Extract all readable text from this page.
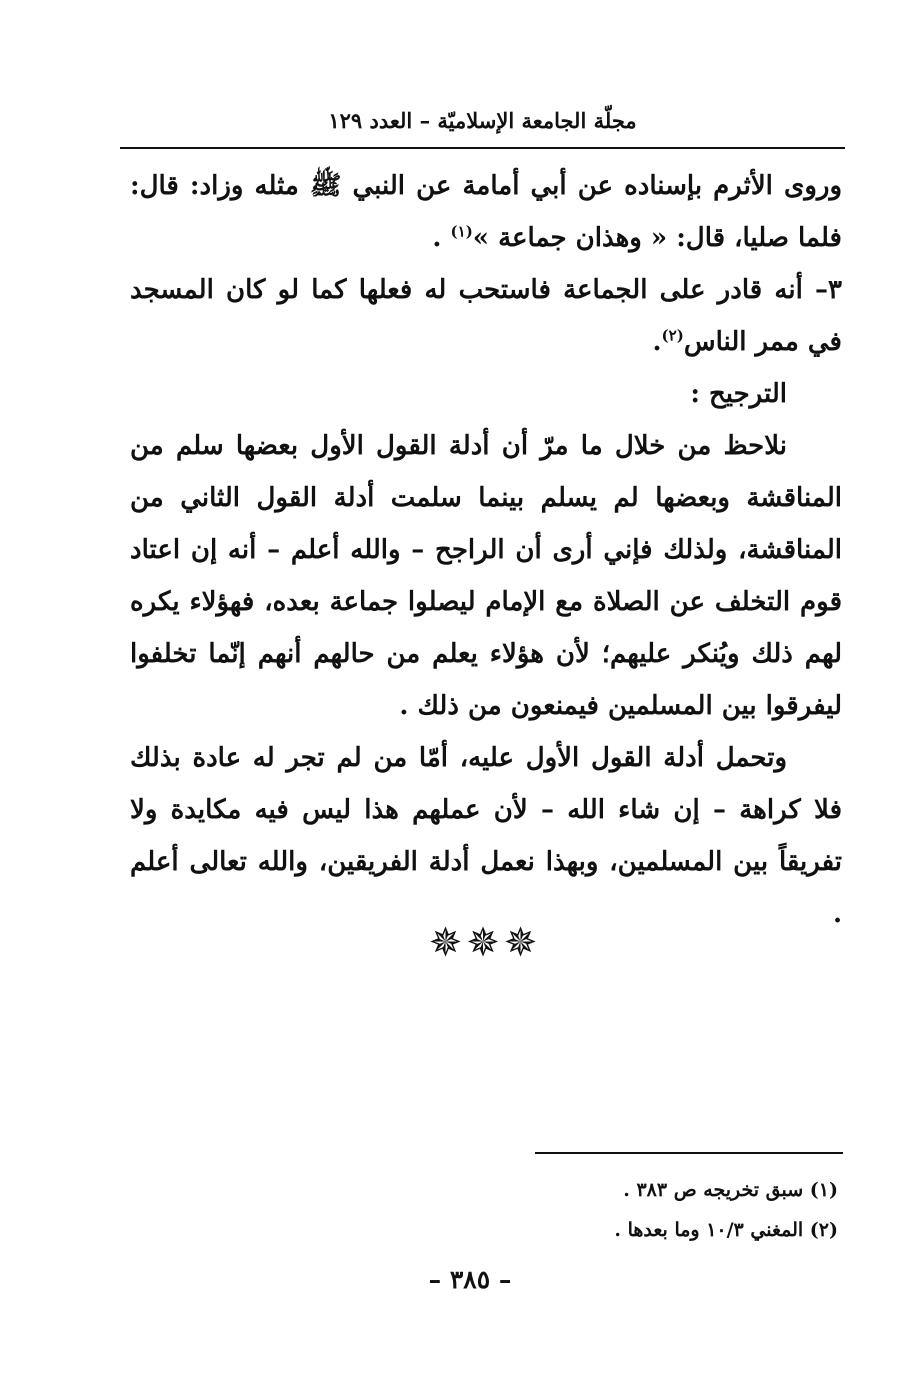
مجلّة الجامعة الإسلاميّة – العدد ١٢٩

وروى الأثرم بإسناده عن أبي أمامة عن النبي ﷺ مثله وزاد: قال: فلما صليا، قال: « وهذان جماعة »$^{(١)}$ .

٣– أنه قادر على الجماعة فاستحب له فعلها كما لو كان المسجد في ممر الناس$^{(٢)}$.

الترجيح :

نلاحظ من خلال ما مرّ أن أدلة القول الأول بعضها سلم من المناقشة وبعضها لم يسلم بينما سلمت أدلة القول الثاني من المناقشة، ولذلك فإني أرى أن الراجح – والله أعلم – أنه إن اعتاد قوم التخلف عن الصلاة مع الإمام ليصلوا جماعة بعده، فهؤلاء يكره لهم ذلك ويُنكر عليهم؛ لأن هؤلاء يعلم من حالهم أنهم إنّما تخلفوا ليفرقوا بين المسلمين فيمنعون من ذلك .

وتحمل أدلة القول الأول عليه، أمّا من لم تجر له عادة بذلك فلا كراهة – إن شاء الله – لأن عملهم هذا ليس فيه مكايدة ولا تفريقاً بين المسلمين، وبهذا نعمل أدلة الفريقين، والله تعالى أعلم .

✵✵✵

(١) سبق تخريجه ص ٣٨٣ .

(٢) المغني ١٠/٣ وما بعدها .

– ٣٨٥ –
